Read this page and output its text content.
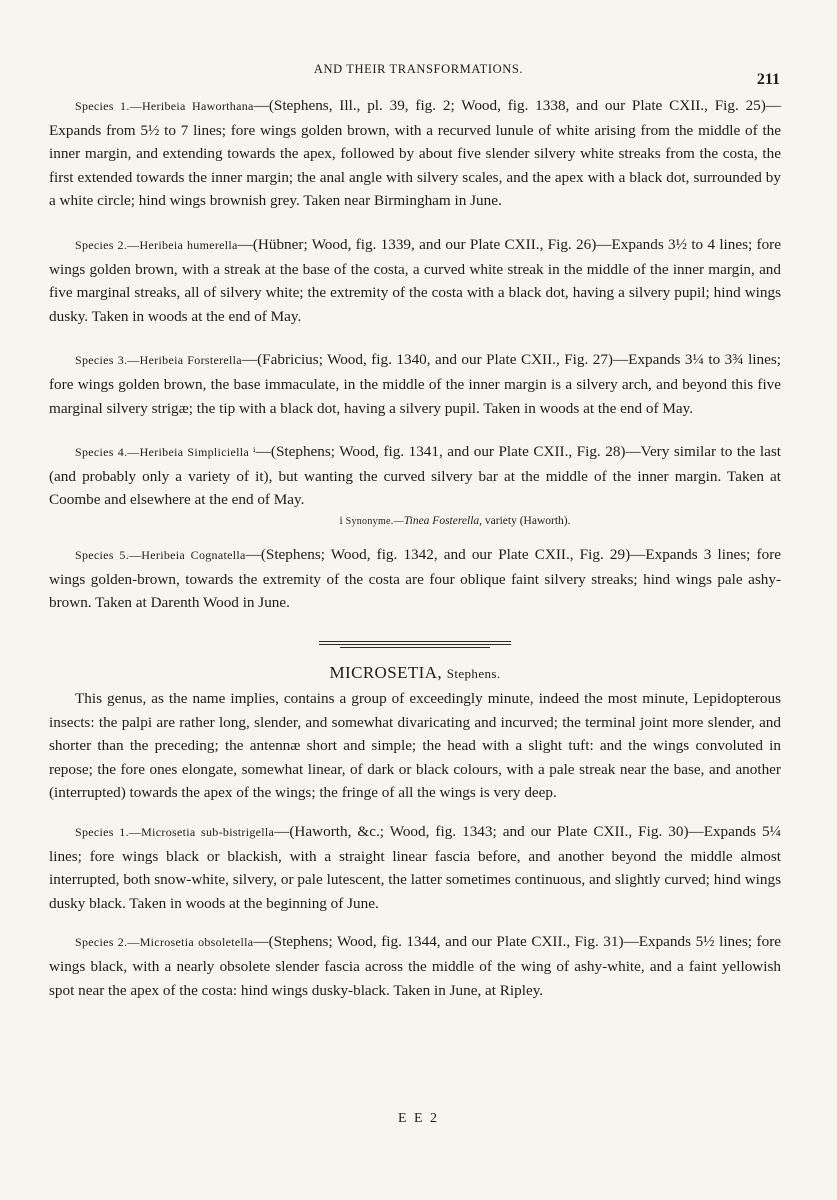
AND THEIR TRANSFORMATIONS.
211

Species 1.—Heribeia Haworthana—(Stephens, Ill., pl. 39, fig. 2; Wood, fig. 1338, and our Plate CXII., Fig. 25)—Expands from 5½ to 7 lines; fore wings golden brown, with a recurved lunule of white arising from the middle of the inner margin, and extending towards the apex, followed by about five slender silvery white streaks from the costa, the first extended towards the inner margin; the anal angle with silvery scales, and the apex with a black dot, surrounded by a white circle; hind wings brownish grey. Taken near Birmingham in June.

Species 2.—Heribeia humerella—(Hübner; Wood, fig. 1339, and our Plate CXII., Fig. 26)—Expands 3½ to 4 lines; fore wings golden brown, with a streak at the base of the costa, a curved white streak in the middle of the inner margin, and five marginal streaks, all of silvery white; the extremity of the costa with a black dot, having a silvery pupil; hind wings dusky. Taken in woods at the end of May.

Species 3.—Heribeia Forsterella—(Fabricius; Wood, fig. 1340, and our Plate CXII., Fig. 27)—Expands 3¼ to 3¾ lines; fore wings golden brown, the base immaculate, in the middle of the inner margin is a silvery arch, and beyond this five marginal silvery strigæ; the tip with a black dot, having a silvery pupil. Taken in woods at the end of May.

Species 4.—Heribeia Simpliciella ⁱ—(Stephens; Wood, fig. 1341, and our Plate CXII., Fig. 28)—Very similar to the last (and probably only a variety of it), but wanting the curved silvery bar at the middle of the inner margin. Taken at Coombe and elsewhere at the end of May.

i Synonyme.—Tinea Fosterella, variety (Haworth).

Species 5.—Heribeia Cognatella—(Stephens; Wood, fig. 1342, and our Plate CXII., Fig. 29)—Expands 3 lines; fore wings golden-brown, towards the extremity of the costa are four oblique faint silvery streaks; hind wings pale ashy-brown. Taken at Darenth Wood in June.

MICROSETIA, Stephens.

This genus, as the name implies, contains a group of exceedingly minute, indeed the most minute, Lepidopterous insects: the palpi are rather long, slender, and somewhat divaricating and incurved; the terminal joint more slender, and shorter than the preceding; the antennæ short and simple; the head with a slight tuft: and the wings convoluted in repose; the fore ones elongate, somewhat linear, of dark or black colours, with a pale streak near the base, and another (interrupted) towards the apex of the wings; the fringe of all the wings is very deep.

Species 1.—Microsetia sub-bistrigella—(Haworth, &c.; Wood, fig. 1343; and our Plate CXII., Fig. 30)—Expands 5¼ lines; fore wings black or blackish, with a straight linear fascia before, and another beyond the middle almost interrupted, both snow-white, silvery, or pale lutescent, the latter sometimes continuous, and slightly curved; hind wings dusky black. Taken in woods at the beginning of June.

Species 2.—Microsetia obsoletella—(Stephens; Wood, fig. 1344, and our Plate CXII., Fig. 31)—Expands 5½ lines; fore wings black, with a nearly obsolete slender fascia across the middle of the wing of ashy-white, and a faint yellowish spot near the apex of the costa: hind wings dusky-black. Taken in June, at Ripley.

E E 2
